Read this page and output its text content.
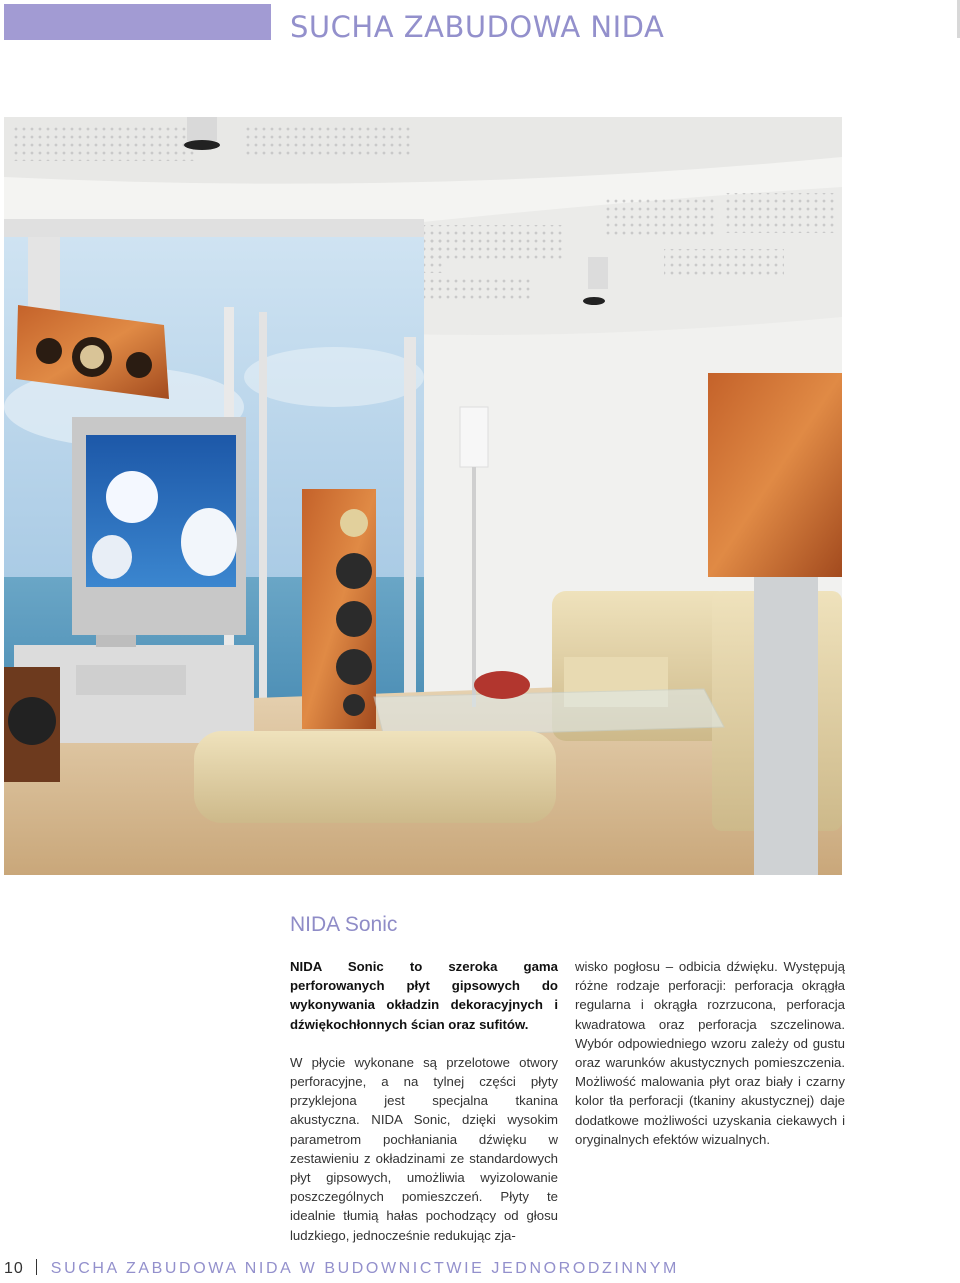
SUCHA ZABUDOWA NIDA
NIDA Sonic

NIDA Sonic to szeroka gama perforowanych płyt gipsowych do wykonywania okładzin dekoracyjnych i dźwiękochłonnych ścian oraz sufitów.

W płycie wykonane są przelotowe otwory perforacyjne, a na tylnej części płyty przyklejona jest specjalna tkanina akustyczna. NIDA Sonic, dzięki wysokim parametrom pochłaniania dźwięku w zestawieniu z okładzinami ze standardowych płyt gipsowych, umożliwia wyizolowanie poszczególnych pomieszczeń. Płyty te idealnie tłumią hałas pochodzący od głosu ludzkiego, jednocześnie redukując zja-

wisko pogłosu – odbicia dźwięku. Występują różne rodzaje perforacji: perforacja okrągła regularna i okrągła rozrzucona, perforacja kwadratowa oraz perforacja szczelinowa. Wybór odpowiedniego wzoru zależy od gustu oraz warunków akustycznych pomieszczenia. Możliwość malowania płyt oraz biały i czarny kolor tła perforacji (tkaniny akustycznej) daje dodatkowe możliwości uzyskania ciekawych i oryginalnych efektów wizualnych.

10 SUCHA ZABUDOWA NIDA W BUDOWNICTWIE JEDNORODZINNYM
